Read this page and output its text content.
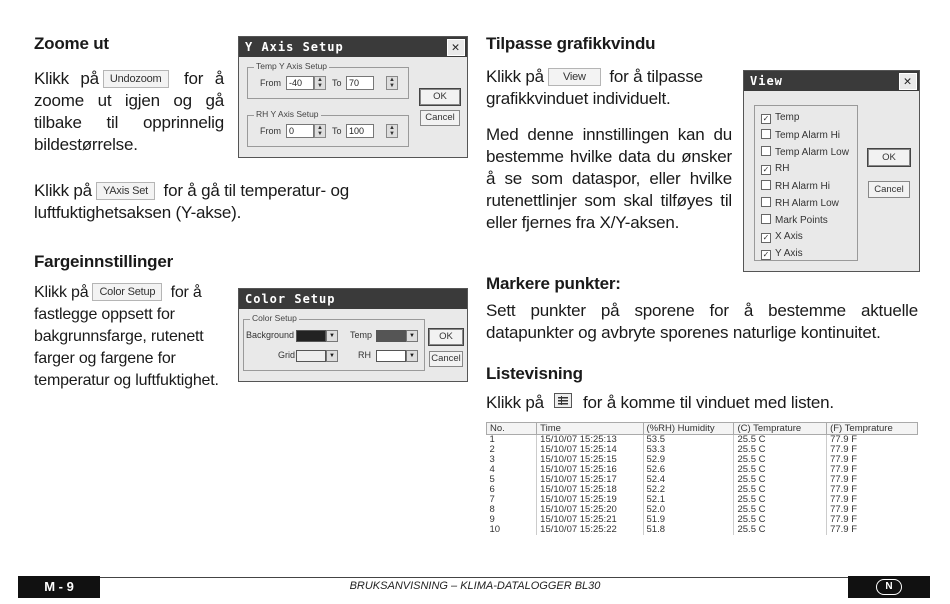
Zoome ut
Klikk på Undozoom for å zoome ut igjen og gå tilbake til opprinnelig bildestørrelse.
Y Axis Setup	✕
Temp Y Axis Setup
From -40	▲
▼	To 70	▲
▼
RH Y Axis Setup
From 0	▲
▼	To 100	▲
▼
OK
Cancel
Klikk på YAxis Set for å gå til temperatur- og luftfuktighetsaksen (Y-akse).
Fargeinnstillinger
Klikk på Color Setup for å fastlegge oppsett for bakgrunnsfarge, rutenett farger og fargene for temperatur og luftfuktighet.
Color Setup
Color Setup
Background	▼	Temp	▼
Grid	▼	RH	▼
OK
Cancel
Tilpasse grafikkvindu
Klikk på View for å tilpasse grafikkvinduet individuelt.
Med denne innstillingen kan du bestemme hvilke data du ønsker å se som dataspor, eller hvilke rutenettlinjer som skal tilføyes til eller fjernes fra X/Y-aksen.
View	✕
✓ Temp
Temp Alarm Hi
Temp Alarm Low
✓ RH
RH Alarm Hi
RH Alarm Low
Mark Points
✓ X Axis
✓ Y Axis
OK
Cancel
Markere punkter:
Sett punkter på sporene for å bestemme aktuelle datapunkter og avbryte sporenes naturlige kontinuitet.
Listevisning
Klikk på for å komme til vinduet med listen.
No.	Time	(%RH) Humidity	(C) Temprature	(F) Temprature
1	15/10/07 15:25:13	53.5	25.5 C	77.9 F
2	15/10/07 15:25:14	53.3	25.5 C	77.9 F
3	15/10/07 15:25:15	52.9	25.5 C	77.9 F
4	15/10/07 15:25:16	52.6	25.5 C	77.9 F
5	15/10/07 15:25:17	52.4	25.5 C	77.9 F
6	15/10/07 15:25:18	52.2	25.5 C	77.9 F
7	15/10/07 15:25:19	52.1	25.5 C	77.9 F
8	15/10/07 15:25:20	52.0	25.5 C	77.9 F
9	15/10/07 15:25:21	51.9	25.5 C	77.9 F
10	15/10/07 15:25:22	51.8	25.5 C	77.9 F
M - 9	BRUKSANVISNING – KLIMA-DATALOGGER BL30	N
